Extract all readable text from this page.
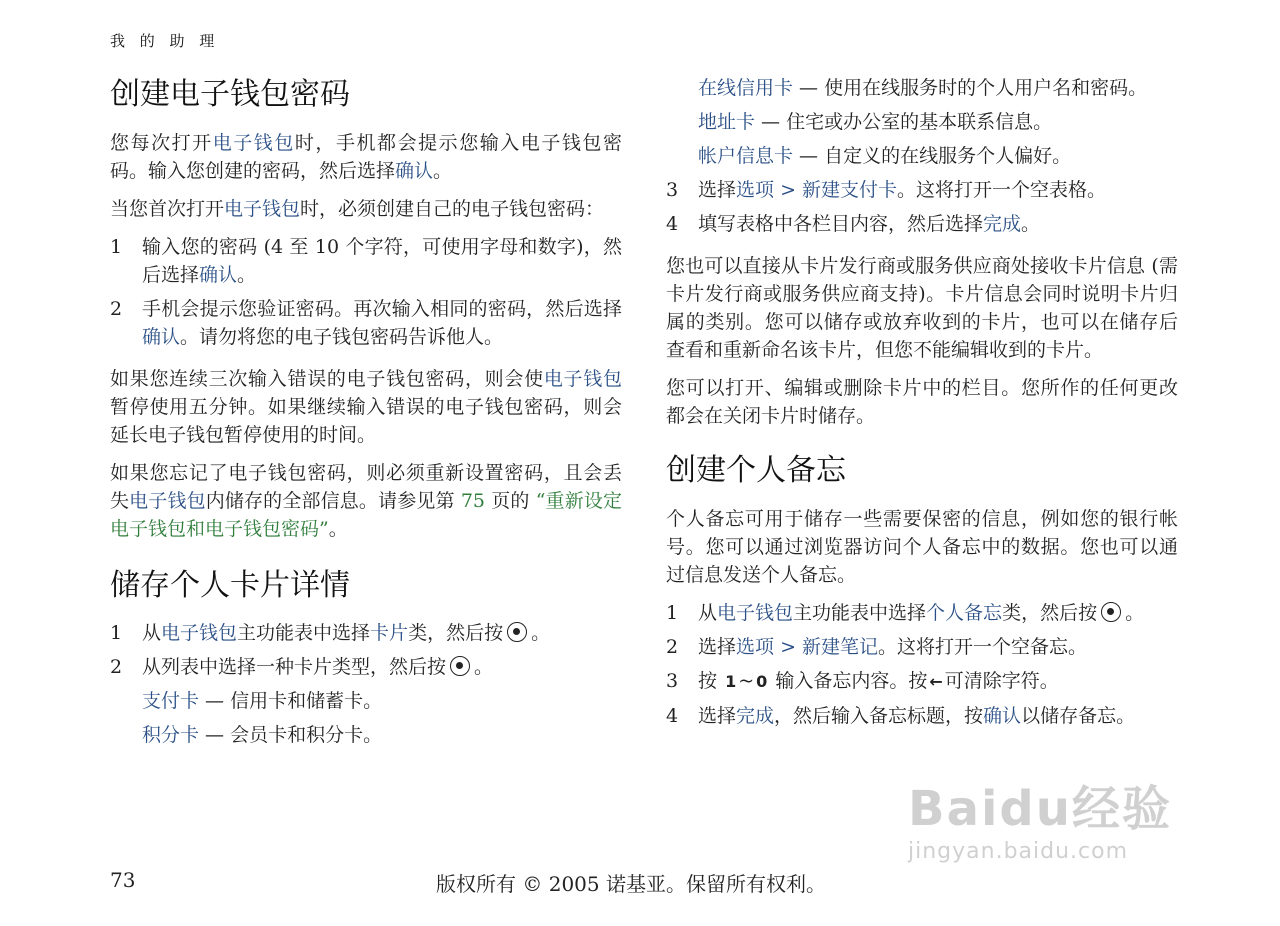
我 的 助 理
创建电子钱包密码

您每次打开电子钱包时，手机都会提示您输入电子钱包密码。输入您创建的密码，然后选择确认。

当您首次打开电子钱包时，必须创建自己的电子钱包密码：

1	输入您的密码 (4 至 10 个字符，可使用字母和数字)，然后选择确认。
2	手机会提示您验证密码。再次输入相同的密码，然后选择确认。请勿将您的电子钱包密码告诉他人。

如果您连续三次输入错误的电子钱包密码，则会使电子钱包暂停使用五分钟。如果继续输入错误的电子钱包密码，则会延长电子钱包暂停使用的时间。

如果您忘记了电子钱包密码，则必须重新设置密码，且会丢失电子钱包内储存的全部信息。请参见第 75 页的 “重新设定电子钱包和电子钱包密码”。

储存个人卡片详情
1	从电子钱包主功能表中选择卡片类，然后按 。
2	从列表中选择一种卡片类型，然后按 。
支付卡 — 信用卡和储蓄卡。
积分卡 — 会员卡和积分卡。
在线信用卡 — 使用在线服务时的个人用户名和密码。
地址卡 — 住宅或办公室的基本联系信息。
帐户信息卡 — 自定义的在线服务个人偏好。
3	选择选项 > 新建支付卡。这将打开一个空表格。
4	填写表格中各栏目内容，然后选择完成。

您也可以直接从卡片发行商或服务供应商处接收卡片信息 (需卡片发行商或服务供应商支持)。卡片信息会同时说明卡片归属的类别。您可以储存或放弃收到的卡片，也可以在储存后查看和重新命名该卡片，但您不能编辑收到的卡片。

您可以打开、编辑或删除卡片中的栏目。您所作的任何更改都会在关闭卡片时储存。

创建个人备忘

个人备忘可用于储存一些需要保密的信息，例如您的银行帐号。您可以通过浏览器访问个人备忘中的数据。您也可以通过信息发送个人备忘。

1	从电子钱包主功能表中选择个人备忘类，然后按 。
2	选择选项 > 新建笔记。这将打开一个空备忘。
3	按 1 ~ 0 输入备忘内容。按 ← 可清除字符。
4	选择完成，然后输入备忘标题，按确认以储存备忘。
Baidu经验
jingyan.baidu.com
73	版权所有 © 2005 诺基亚。保留所有权利。
